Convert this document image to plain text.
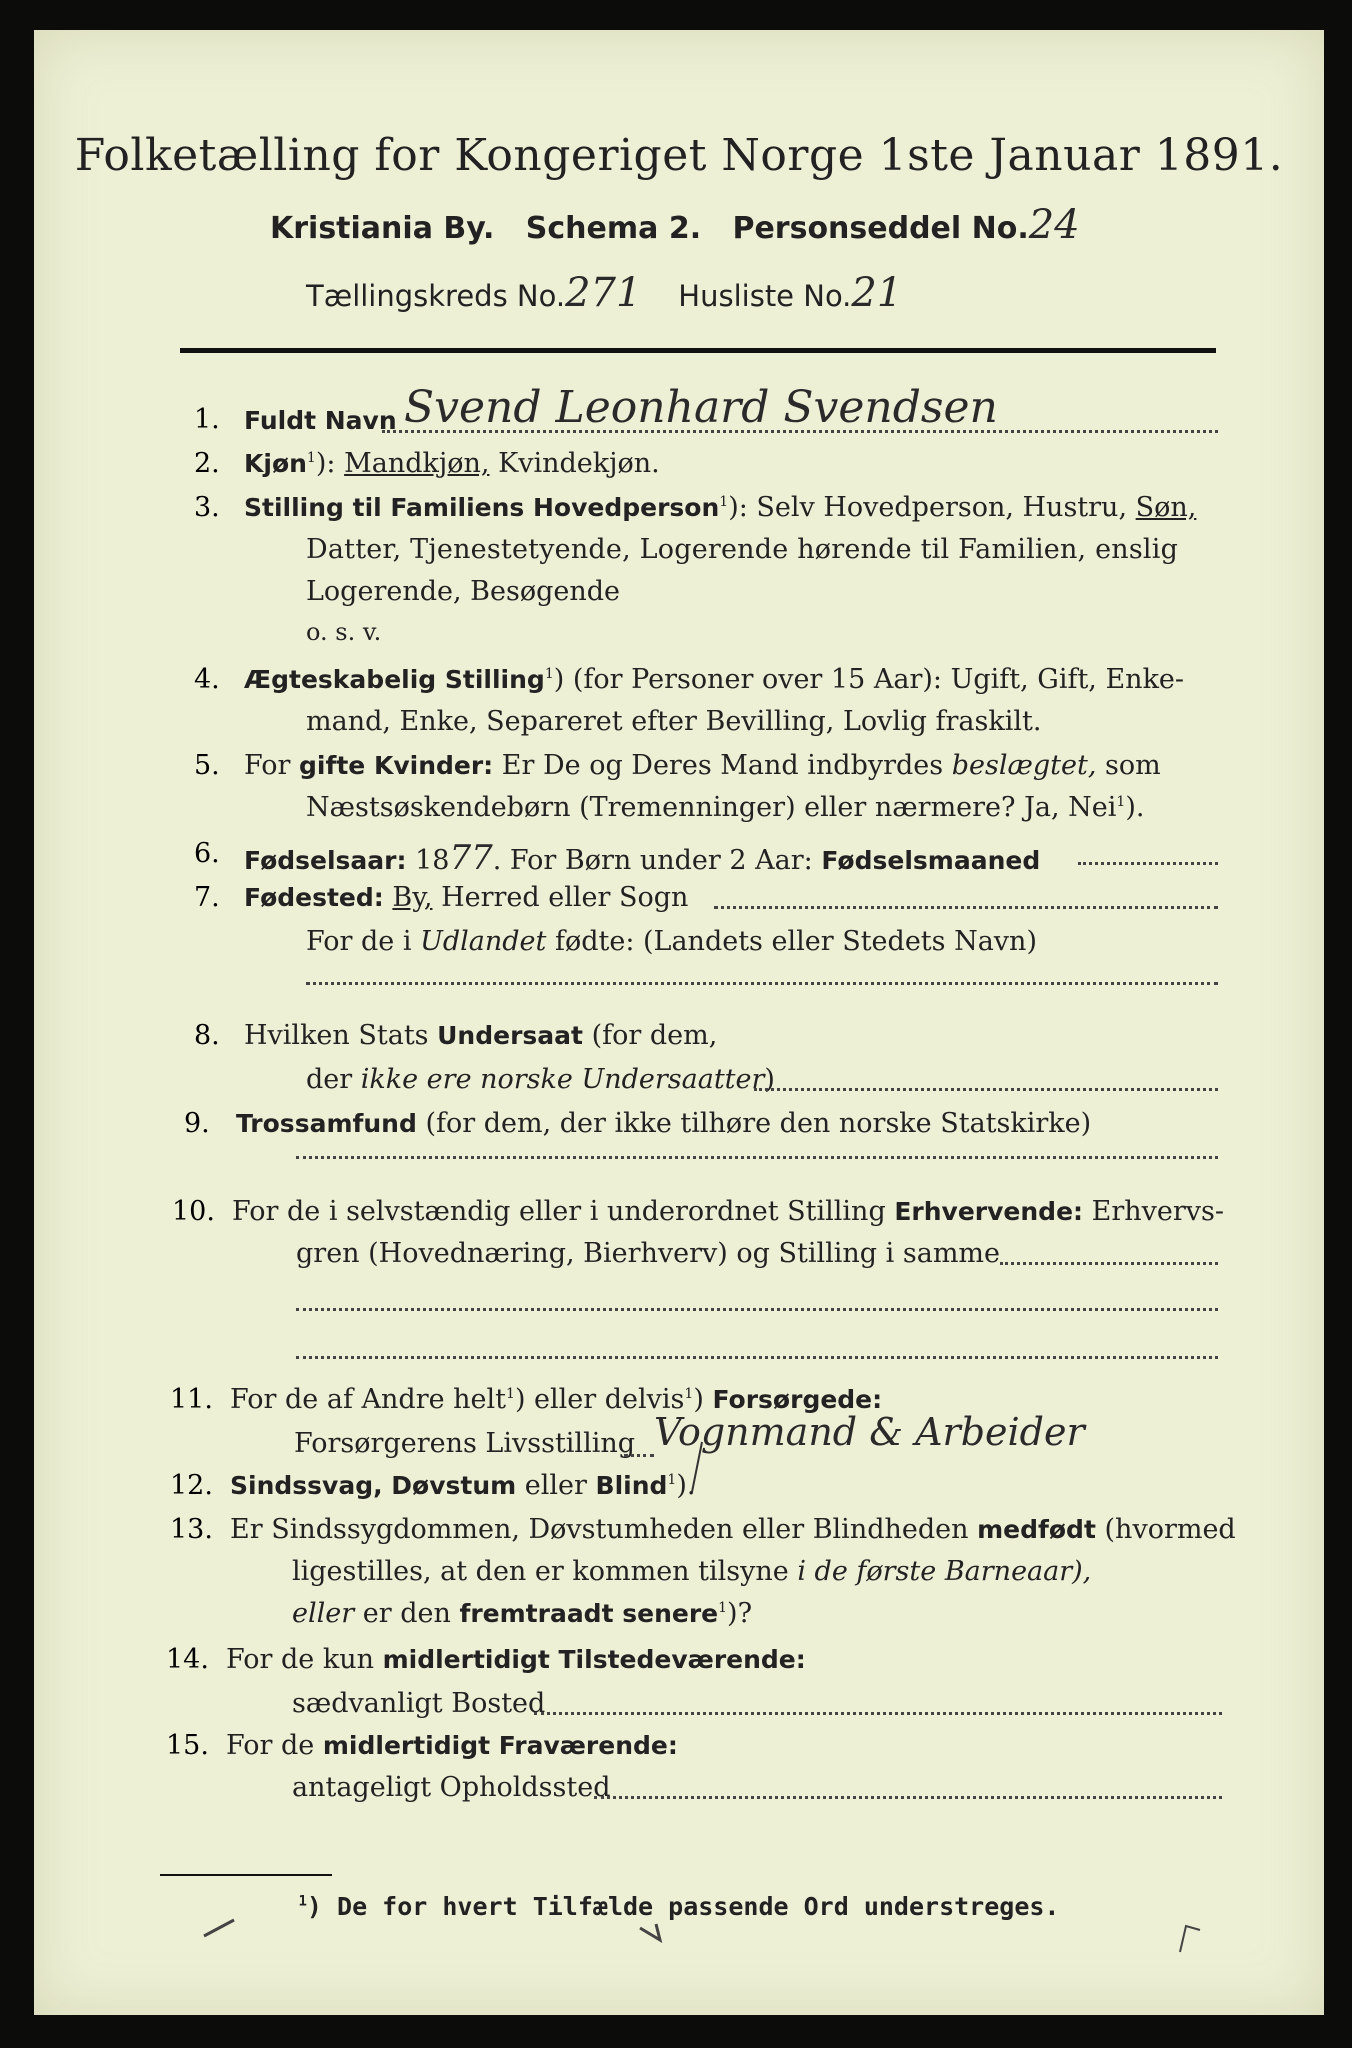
Folketælling for Kongeriget Norge 1ste Januar 1891.
Kristiania By. Schema 2. Personseddel No.24
Tællingskreds No.271 Husliste No.21
1. Fuldt Navn Svend Leonhard Svendsen
2. Kjøn$^1$): Mandkjøn, Kvindekjøn.
3. Stilling til Familiens Hovedperson$^1$): Selv Hovedperson, Hustru, Søn,
Datter, Tjenestetyende, Logerende hørende til Familien, enslig
Logerende, Besøgende
o. s. v.
4. Ægteskabelig Stilling$^1$) (for Personer over 15 Aar): Ugift, Gift, Enke-
mand, Enke, Separeret efter Bevilling, Lovlig fraskilt.
5. For gifte Kvinder: Er De og Deres Mand indbyrdes beslægtet, som
Næstsøskendebørn (Tremenninger) eller nærmere? Ja, Nei$^1$).
6. Fødselsaar: 1877. For Børn under 2 Aar: Fødselsmaaned
7. Fødested: By, Herred eller Sogn
For de i Udlandet fødte: (Landets eller Stedets Navn)
8. Hvilken Stats Undersaat (for dem,
der ikke ere norske Undersaatter)
9. Trossamfund (for dem, der ikke tilhøre den norske Statskirke)
10. For de i selvstændig eller i underordnet Stilling Erhvervende: Erhvervs-
gren (Hovednæring, Bierhverv) og Stilling i samme
11. For de af Andre helt$^1$) eller delvis$^1$) Forsørgede:
Forsørgerens Livsstilling Vognmand & Arbeider
12. Sindssvag, Døvstum eller Blind$^1$).
13. Er Sindssygdommen, Døvstumheden eller Blindheden medfødt (hvormed
ligestilles, at den er kommen tilsyne i de første Barneaar),
eller er den fremtraadt senere$^1$)?
14. For de kun midlertidigt Tilstedeværende:
sædvanligt Bosted
15. For de midlertidigt Fraværende:
antageligt Opholdssted
$^1$) De for hvert Tilfælde passende Ord understreges.
